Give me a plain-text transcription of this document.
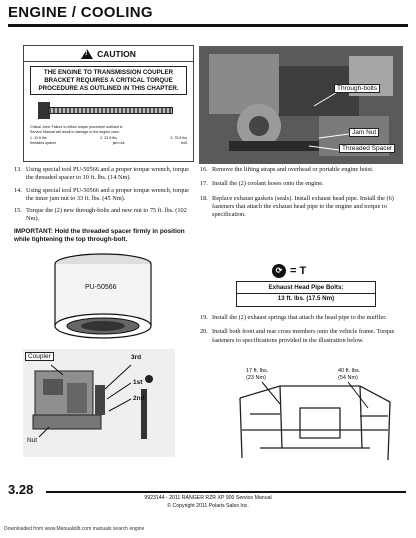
ENGINE / COOLING
!
CAUTION
THE ENGINE TO TRANSMISSION COUPLER
BRACKET REQUIRES A CRITICAL TORQUE
PROCEDURE AS OUTLINED IN THIS CHAPTER.
Critical Joint: Failure to follow torque procedure outlined in
Service Manual will result in damage to the engine case.
1. 10 ft lbs	2. 33 ft lbs	3. 75 ft lbs
threaded spacer	jam nut	bolt
Through-bolts
Jam Nut
Threaded Spacer
13. Using special tool PU-50566 and a proper torque wrench, torque the threaded spacer to 10 ft. lbs. (14 Nm).
14. Using special tool PU-50566 and a proper torque wrench, torque the inner jam nut to 33 ft. lbs. (45 Nm).
15. Torque the (2) new through-bolts and new nut to 75 ft. lbs. (102 Nm).
IMPORTANT: Hold the threaded spacer firmly in position while tightening the top through-bolt.
PU-50566
Coupler	3rd
1st
2nd
Nut
16. Remove the lifting straps and overhead or portable engine hoist.
17. Install the (2) coolant hoses onto the engine.
18. Replace exhaust gaskets (seals). Install exhaust head pipe. Install the (6) fasteners that attach the exhaust head pipe to the engine and torque to specification.
⟳ = T
Exhaust Head Pipe Bolts:
13 ft. lbs. (17.5 Nm)
19. Install the (2) exhaust springs that attach the head pipe to the muffler.
20. Install both front and rear cross members onto the vehicle frame. Torque fasteners to specifications provided in the illustration below.
17 ft. lbs.
(23 Nm)
40 ft. lbs.
(54 Nm)
3.28
9923144 - 2011 RANGER RZR XP 900 Service Manual
© Copyright 2011 Polaris Sales Inc.
Downloaded from www.Manualslib.com manuals search engine
